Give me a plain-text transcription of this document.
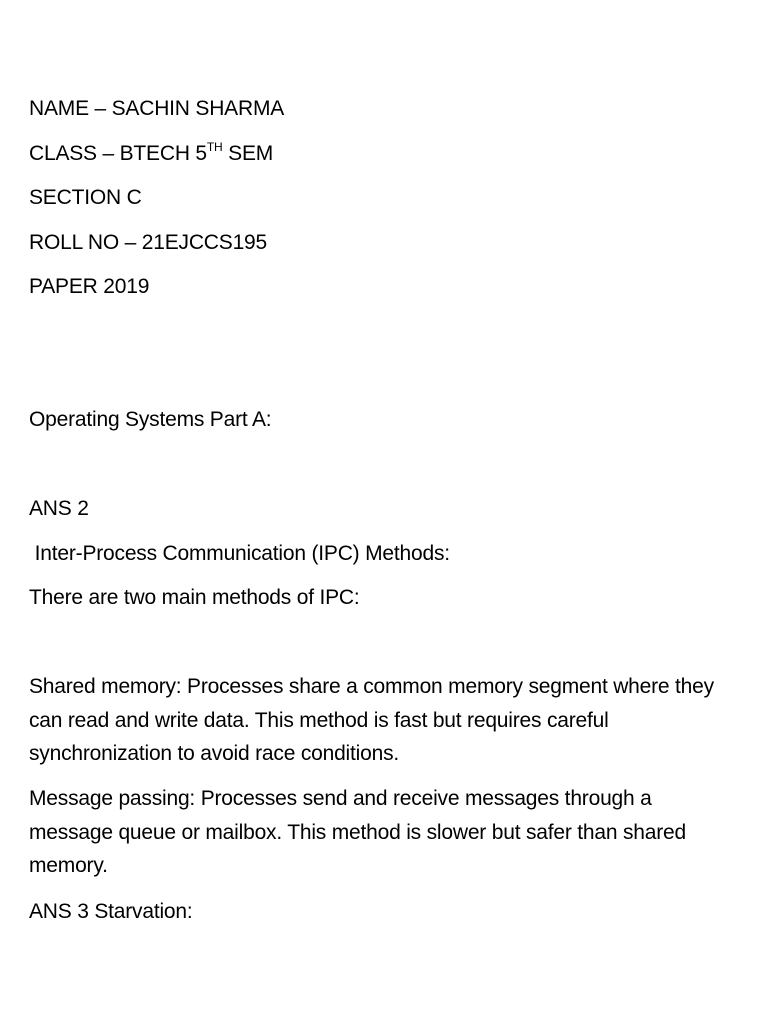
NAME – SACHIN SHARMA
CLASS – BTECH 5TH SEM
SECTION C
ROLL NO – 21EJCCS195
PAPER 2019
Operating Systems Part A:
ANS 2
Inter-Process Communication (IPC) Methods:
There are two main methods of IPC:
Shared memory: Processes share a common memory segment where they can read and write data. This method is fast but requires careful synchronization to avoid race conditions.
Message passing: Processes send and receive messages through a message queue or mailbox. This method is slower but safer than shared memory.
ANS 3 Starvation:
